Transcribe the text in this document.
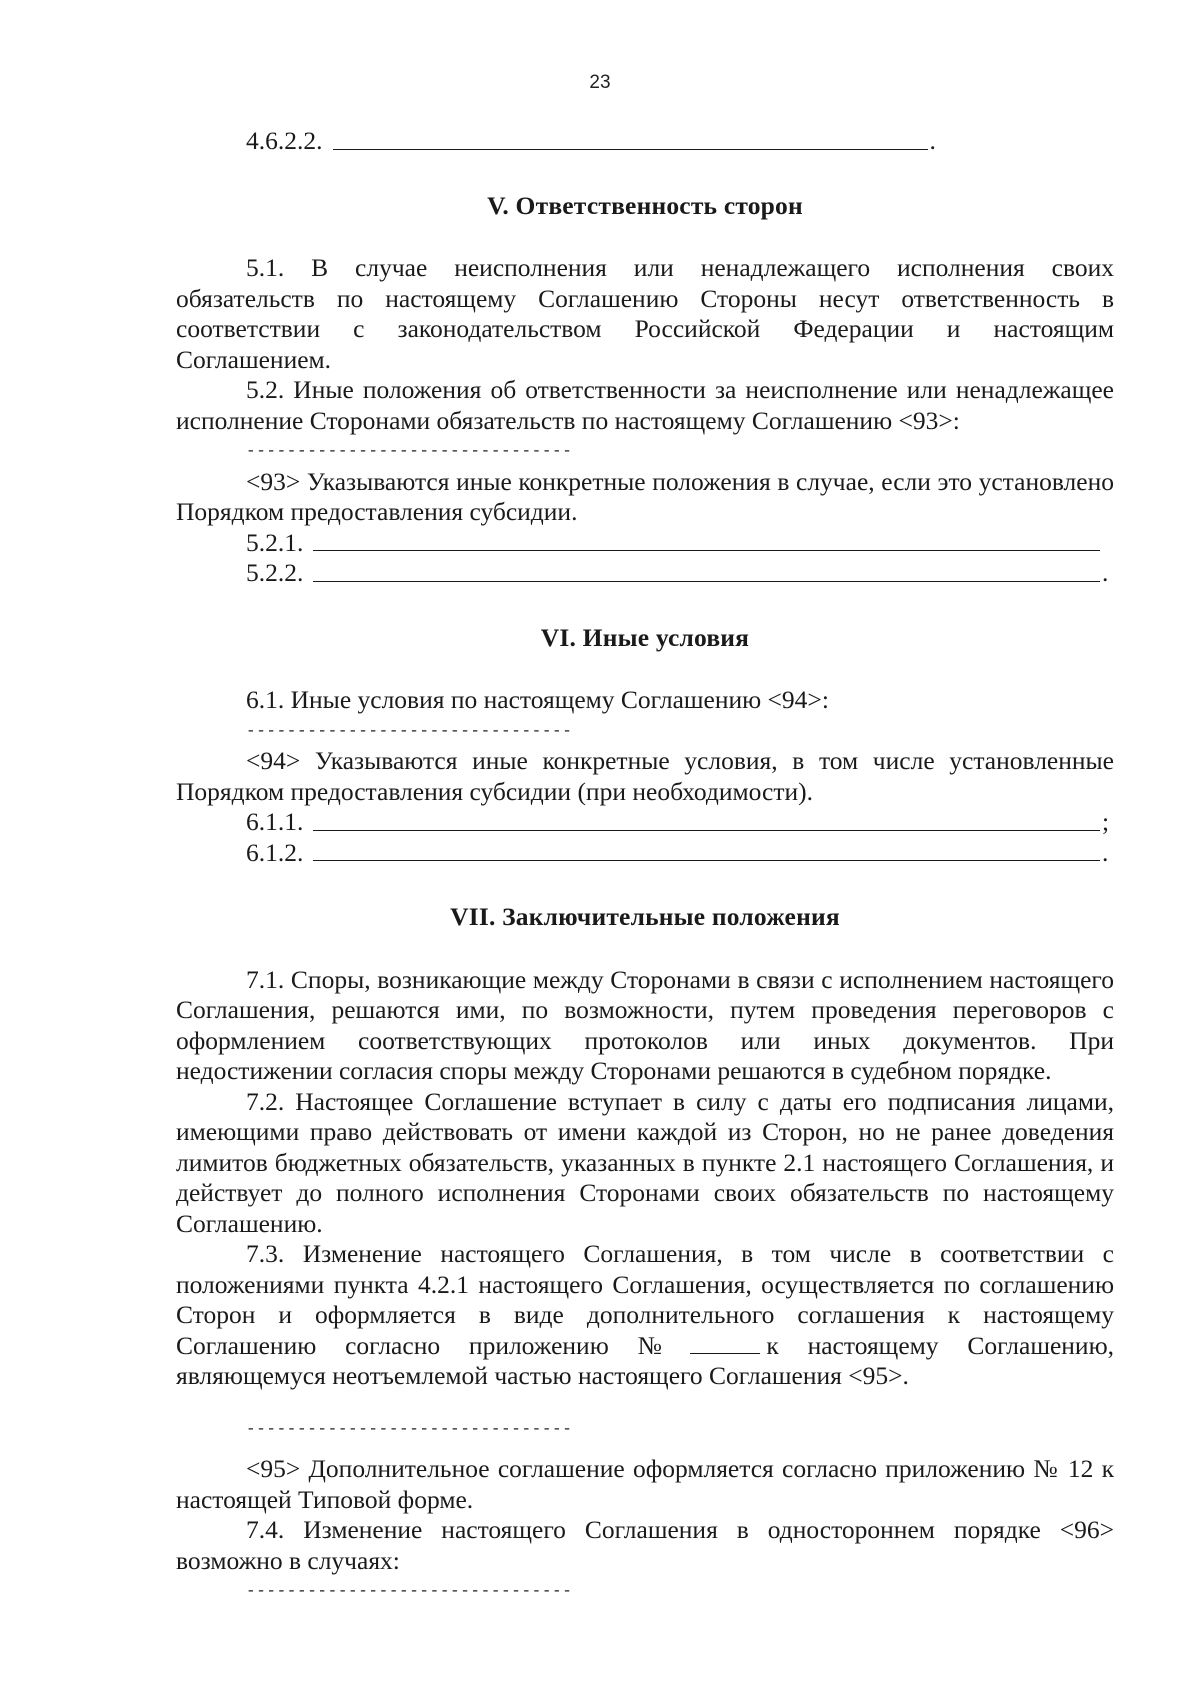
23
4.6.2.2.	.
V. Ответственность сторон

5.1. В случае неисполнения или ненадлежащего исполнения своих обязательств по настоящему Соглашению Стороны несут ответственность в соответствии с законодательством Российской Федерации и настоящим Соглашением.

5.2. Иные положения об ответственности за неисполнение или ненадлежащее исполнение Сторонами обязательств по настоящему Соглашению <93>:

--------------------------------

<93> Указываются иные конкретные положения в случае, если это установлено Порядком предоставления субсидии.

5.2.1.
5.2.2.	.
VI. Иные условия

6.1. Иные условия по настоящему Соглашению <94>:

--------------------------------

<94> Указываются иные конкретные условия, в том числе установленные Порядком предоставления субсидии (при необходимости).

6.1.1.	;
6.1.2.	.
VII. Заключительные положения

7.1. Споры, возникающие между Сторонами в связи с исполнением настоящего Соглашения, решаются ими, по возможности, путем проведения переговоров с оформлением соответствующих протоколов или иных документов. При недостижении согласия споры между Сторонами решаются в судебном порядке.

7.2. Настоящее Соглашение вступает в силу с даты его подписания лицами, имеющими право действовать от имени каждой из Сторон, но не ранее доведения лимитов бюджетных обязательств, указанных в пункте 2.1 настоящего Соглашения, и действует до полного исполнения Сторонами своих обязательств по настоящему Соглашению.

7.3. Изменение настоящего Соглашения, в том числе в соответствии с положениями пункта 4.2.1 настоящего Соглашения, осуществляется по соглашению Сторон и оформляется в виде дополнительного соглашения к настоящему Соглашению согласно приложению №	к настоящему Соглашению, являющемуся неотъемлемой частью настоящего Соглашения <95>.

--------------------------------

<95> Дополнительное соглашение оформляется согласно приложению № 12 к настоящей Типовой форме.

7.4. Изменение настоящего Соглашения в одностороннем порядке <96> возможно в случаях:

--------------------------------
